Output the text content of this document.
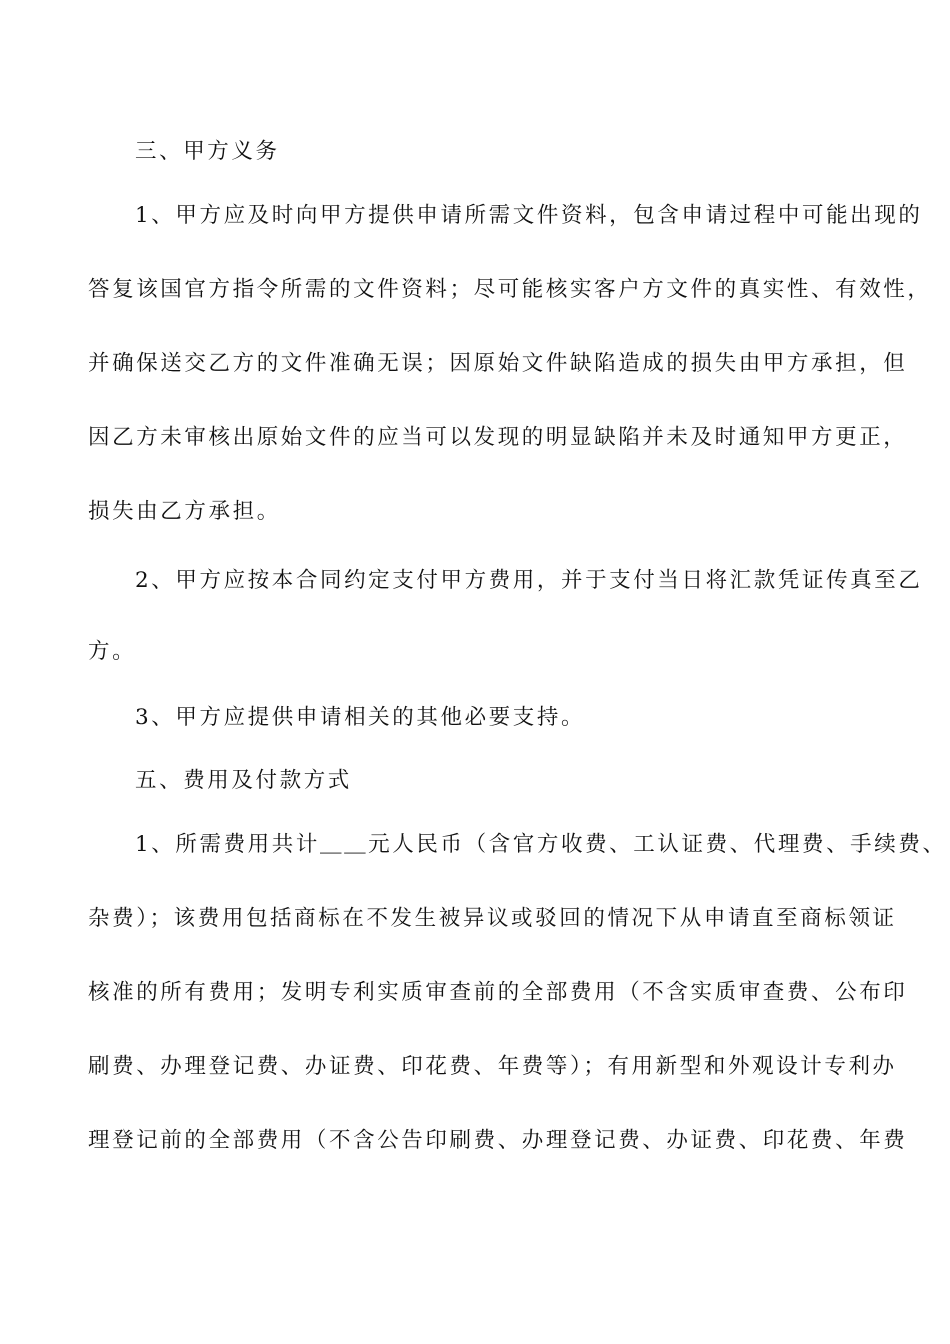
三、甲方义务
1、甲方应及时向甲方提供申请所需文件资料，包含申请过程中可能出现的
答复该国官方指令所需的文件资料；尽可能核实客户方文件的真实性、有效性，
并确保送交乙方的文件准确无误；因原始文件缺陷造成的损失由甲方承担，但
因乙方未审核出原始文件的应当可以发现的明显缺陷并未及时通知甲方更正，
损失由乙方承担。
2、甲方应按本合同约定支付甲方费用，并于支付当日将汇款凭证传真至乙
方。
3、甲方应提供申请相关的其他必要支持。
五、费用及付款方式
1、所需费用共计＿＿元人民币（含官方收费、工认证费、代理费、手续费、
杂费）；该费用包括商标在不发生被异议或驳回的情况下从申请直至商标领证
核准的所有费用；发明专利实质审查前的全部费用（不含实质审查费、公布印
刷费、办理登记费、办证费、印花费、年费等）；有用新型和外观设计专利办
理登记前的全部费用（不含公告印刷费、办理登记费、办证费、印花费、年费
